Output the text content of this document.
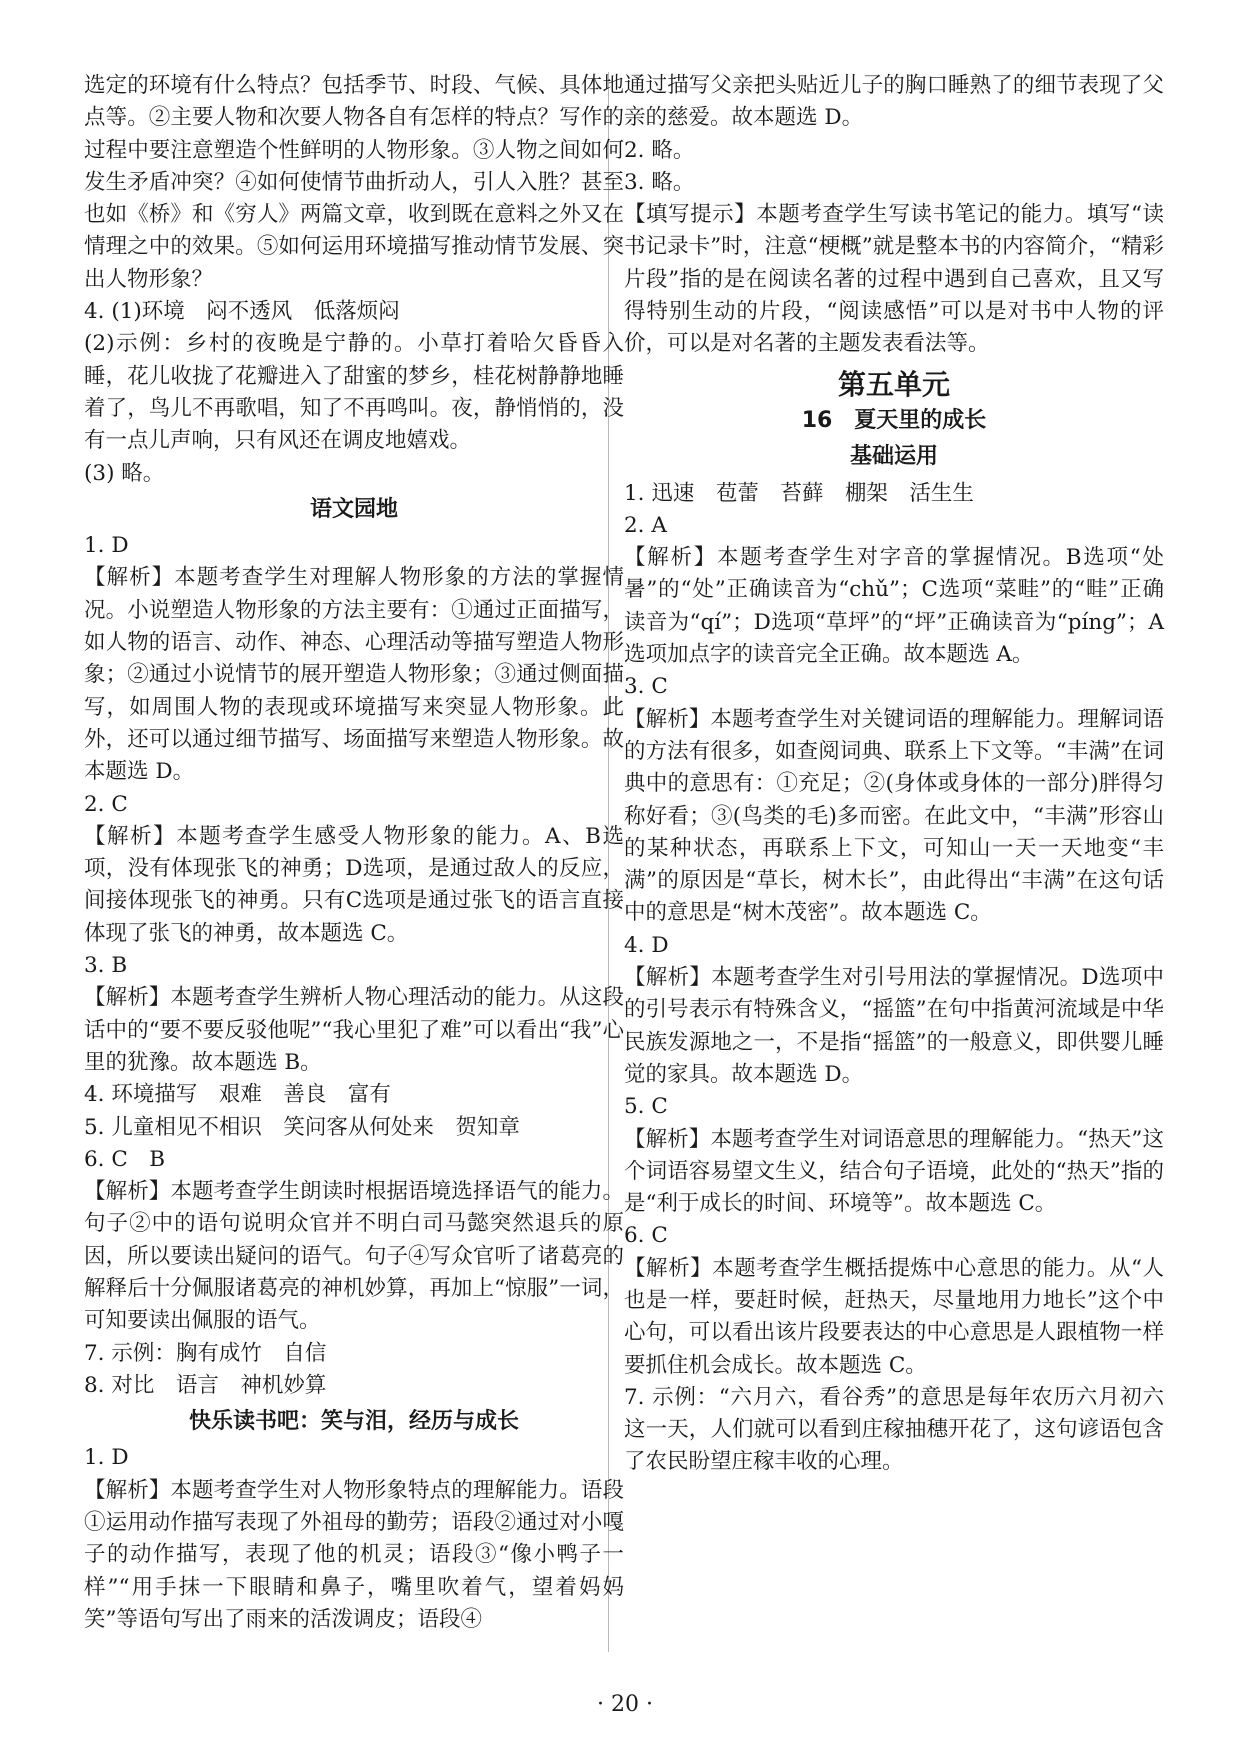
选定的环境有什么特点？包括季节、时段、气候、具体地点等。②主要人物和次要人物各自有怎样的特点？写作的过程中要注意塑造个性鲜明的人物形象。③人物之间如何发生矛盾冲突？④如何使情节曲折动人，引人入胜？甚至也如《桥》和《穷人》两篇文章，收到既在意料之外又在情理之中的效果。⑤如何运用环境描写推动情节发展、突出人物形象？

4. (1)环境　闷不透风　低落烦闷

(2)示例：乡村的夜晚是宁静的。小草打着哈欠昏昏入睡，花儿收拢了花瓣进入了甜蜜的梦乡，桂花树静静地睡着了，鸟儿不再歌唱，知了不再鸣叫。夜，静悄悄的，没有一点儿声响，只有风还在调皮地嬉戏。

(3) 略。

语文园地

1. D

【解析】本题考查学生对理解人物形象的方法的掌握情况。小说塑造人物形象的方法主要有：①通过正面描写，如人物的语言、动作、神态、心理活动等描写塑造人物形象；②通过小说情节的展开塑造人物形象；③通过侧面描写，如周围人物的表现或环境描写来突显人物形象。此外，还可以通过细节描写、场面描写来塑造人物形象。故本题选 D。

2. C

【解析】本题考查学生感受人物形象的能力。A、B选项，没有体现张飞的神勇；D选项，是通过敌人的反应，间接体现张飞的神勇。只有C选项是通过张飞的语言直接体现了张飞的神勇，故本题选 C。

3. B

【解析】本题考查学生辨析人物心理活动的能力。从这段话中的“要不要反驳他呢”“我心里犯了难”可以看出“我”心里的犹豫。故本题选 B。

4. 环境描写　艰难　善良　富有

5. 儿童相见不相识　笑问客从何处来　贺知章

6. C　B

【解析】本题考查学生朗读时根据语境选择语气的能力。句子②中的语句说明众官并不明白司马懿突然退兵的原因，所以要读出疑问的语气。句子④写众官听了诸葛亮的解释后十分佩服诸葛亮的神机妙算，再加上“惊服”一词，可知要读出佩服的语气。

7. 示例：胸有成竹　自信

8. 对比　语言　神机妙算

快乐读书吧：笑与泪，经历与成长

1. D

【解析】本题考查学生对人物形象特点的理解能力。语段①运用动作描写表现了外祖母的勤劳；语段②通过对小嘎子的动作描写，表现了他的机灵；语段③“像小鸭子一样”“用手抹一下眼睛和鼻子，嘴里吹着气，望着妈妈笑”等语句写出了雨来的活泼调皮；语段④

通过描写父亲把头贴近儿子的胸口睡熟了的细节表现了父亲的慈爱。故本题选 D。

2. 略。

3. 略。

【填写提示】本题考查学生写读书笔记的能力。填写“读书记录卡”时，注意“梗概”就是整本书的内容简介，“精彩片段”指的是在阅读名著的过程中遇到自己喜欢，且又写得特别生动的片段，“阅读感悟”可以是对书中人物的评价，可以是对名著的主题发表看法等。

第五单元
16　夏天里的成长
基础运用

1. 迅速　苞蕾　苔藓　棚架　活生生

2. A

【解析】本题考查学生对字音的掌握情况。B选项“处暑”的“处”正确读音为“chǔ”；C选项“菜畦”的“畦”正确读音为“qí”；D选项“草坪”的“坪”正确读音为“píng”；A选项加点字的读音完全正确。故本题选 A。

3. C

【解析】本题考查学生对关键词语的理解能力。理解词语的方法有很多，如查阅词典、联系上下文等。“丰满”在词典中的意思有：①充足；②(身体或身体的一部分)胖得匀称好看；③(鸟类的毛)多而密。在此文中，“丰满”形容山的某种状态，再联系上下文，可知山一天一天地变“丰满”的原因是“草长，树木长”，由此得出“丰满”在这句话中的意思是“树木茂密”。故本题选 C。

4. D

【解析】本题考查学生对引号用法的掌握情况。D选项中的引号表示有特殊含义，“摇篮”在句中指黄河流域是中华民族发源地之一，不是指“摇篮”的一般意义，即供婴儿睡觉的家具。故本题选 D。

5. C

【解析】本题考查学生对词语意思的理解能力。“热天”这个词语容易望文生义，结合句子语境，此处的“热天”指的是“利于成长的时间、环境等”。故本题选 C。

6. C

【解析】本题考查学生概括提炼中心意思的能力。从“人也是一样，要赶时候，赶热天，尽量地用力地长”这个中心句，可以看出该片段要表达的中心意思是人跟植物一样要抓住机会成长。故本题选 C。

7. 示例：“六月六，看谷秀”的意思是每年农历六月初六这一天，人们就可以看到庄稼抽穗开花了，这句谚语包含了农民盼望庄稼丰收的心理。

· 20 ·
